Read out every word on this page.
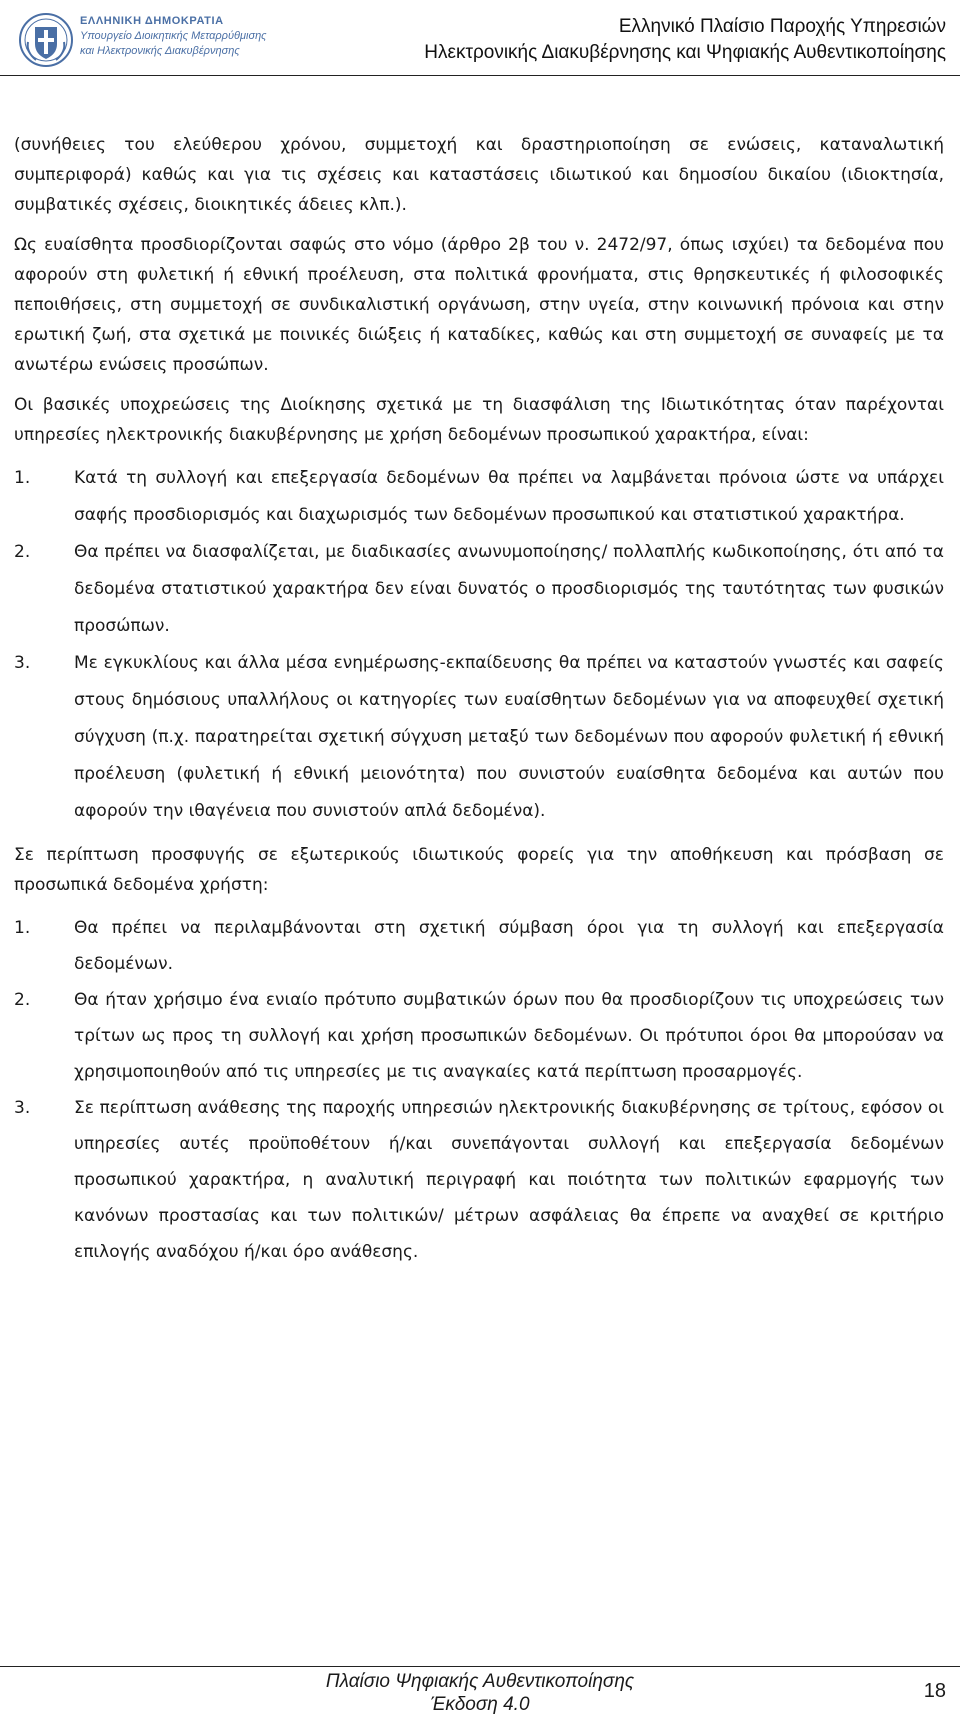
ΕΛΛΗΝΙΚΗ ΔΗΜΟΚΡΑΤΙΑ
Υπουργείο Διοικητικής Μεταρρύθμισης
και Ηλεκτρονικής Διακυβέρνησης
Ελληνικό Πλαίσιο Παροχής Υπηρεσιών
Ηλεκτρονικής Διακυβέρνησης και Ψηφιακής Αυθεντικοποίησης

(συνήθειες του ελεύθερου χρόνου, συμμετοχή και δραστηριοποίηση σε ενώσεις, καταναλωτική συμπεριφορά) καθώς και για τις σχέσεις και καταστάσεις ιδιωτικού και δημοσίου δικαίου (ιδιοκτησία, συμβατικές σχέσεις, διοικητικές άδειες κλπ.).

Ως ευαίσθητα προσδιορίζονται σαφώς στο νόμο (άρθρο 2β του ν. 2472/97, όπως ισχύει) τα δεδομένα που αφορούν στη φυλετική ή εθνική προέλευση, στα πολιτικά φρονήματα, στις θρησκευτικές ή φιλοσοφικές πεποιθήσεις, στη συμμετοχή σε συνδικαλιστική οργάνωση, στην υγεία, στην κοινωνική πρόνοια και στην ερωτική ζωή, στα σχετικά με ποινικές διώξεις ή καταδίκες, καθώς και στη συμμετοχή σε συναφείς με τα ανωτέρω ενώσεις προσώπων.

Οι βασικές υποχρεώσεις της Διοίκησης σχετικά με τη διασφάλιση της Ιδιωτικότητας όταν παρέχονται υπηρεσίες ηλεκτρονικής διακυβέρνησης με χρήση δεδομένων προσωπικού χαρακτήρα, είναι:

1.	Κατά τη συλλογή και επεξεργασία δεδομένων θα πρέπει να λαμβάνεται πρόνοια ώστε να υπάρχει σαφής προσδιορισμός και διαχωρισμός των δεδομένων προσωπικού και στατιστικού χαρακτήρα.
2.	Θα πρέπει να διασφαλίζεται, με διαδικασίες ανωνυμοποίησης/ πολλαπλής κωδικοποίησης, ότι από τα δεδομένα στατιστικού χαρακτήρα δεν είναι δυνατός ο προσδιορισμός της ταυτότητας των φυσικών προσώπων.
3.	Με εγκυκλίους και άλλα μέσα ενημέρωσης-εκπαίδευσης θα πρέπει να καταστούν γνωστές και σαφείς στους δημόσιους υπαλλήλους οι κατηγορίες των ευαίσθητων δεδομένων για να αποφευχθεί σχετική σύγχυση (π.χ. παρατηρείται σχετική σύγχυση μεταξύ των δεδομένων που αφορούν φυλετική ή εθνική προέλευση (φυλετική ή εθνική μειονότητα) που συνιστούν ευαίσθητα δεδομένα και αυτών που αφορούν την ιθαγένεια που συνιστούν απλά δεδομένα).

Σε περίπτωση προσφυγής σε εξωτερικούς ιδιωτικούς φορείς για την αποθήκευση και πρόσβαση σε προσωπικά δεδομένα χρήστη:

1.	Θα πρέπει να περιλαμβάνονται στη σχετική σύμβαση όροι για τη συλλογή και επεξεργασία δεδομένων.
2.	Θα ήταν χρήσιμο ένα ενιαίο πρότυπο συμβατικών όρων που θα προσδιορίζουν τις υποχρεώσεις των τρίτων ως προς τη συλλογή και χρήση προσωπικών δεδομένων. Οι πρότυποι όροι θα μπορούσαν να χρησιμοποιηθούν από τις υπηρεσίες με τις αναγκαίες κατά περίπτωση προσαρμογές.
3.	Σε περίπτωση ανάθεσης της παροχής υπηρεσιών ηλεκτρονικής διακυβέρνησης σε τρίτους, εφόσον οι υπηρεσίες αυτές προϋποθέτουν ή/και συνεπάγονται συλλογή και επεξεργασία δεδομένων προσωπικού χαρακτήρα, η αναλυτική περιγραφή και ποιότητα των πολιτικών εφαρμογής των κανόνων προστασίας και των πολιτικών/ μέτρων ασφάλειας θα έπρεπε να αναχθεί σε κριτήριο επιλογής αναδόχου ή/και όρο ανάθεσης.
Πλαίσιο Ψηφιακής Αυθεντικοποίησης
Έκδοση 4.0
18
